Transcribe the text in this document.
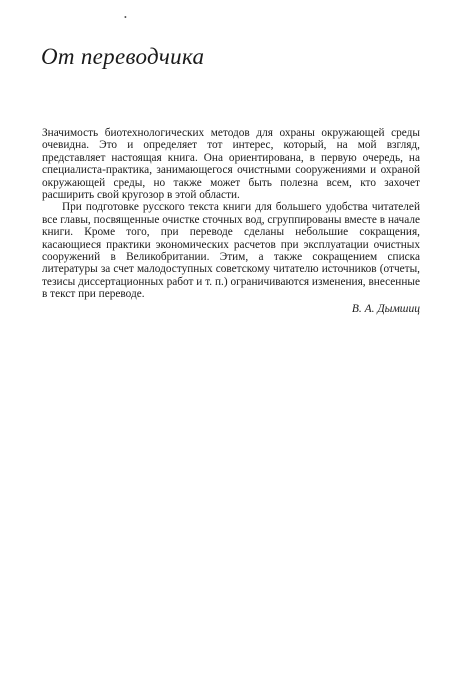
•
От переводчика

Значимость биотехнологических методов для охраны окружающей среды очевидна. Это и определяет тот интерес, который, на мой взгляд, представляет настоящая книга. Она ориентирована, в первую очередь, на специалиста-практика, занимающегося очистными сооружениями и охраной окружающей среды, но также может быть полезна всем, кто захочет расширить свой кругозор в этой области.

При подготовке русского текста книги для большего удобства читателей все главы, посвященные очистке сточных вод, сгруппированы вместе в начале книги. Кроме того, при переводе сделаны небольшие сокращения, касающиеся практики экономических расчетов при эксплуатации очистных сооружений в Великобритании. Этим, а также сокращением списка литературы за счет малодоступных советскому читателю источников (отчеты, тезисы диссертационных работ и т. п.) ограничиваются изменения, внесенные в текст при переводе.

В. А. Дымшиц
